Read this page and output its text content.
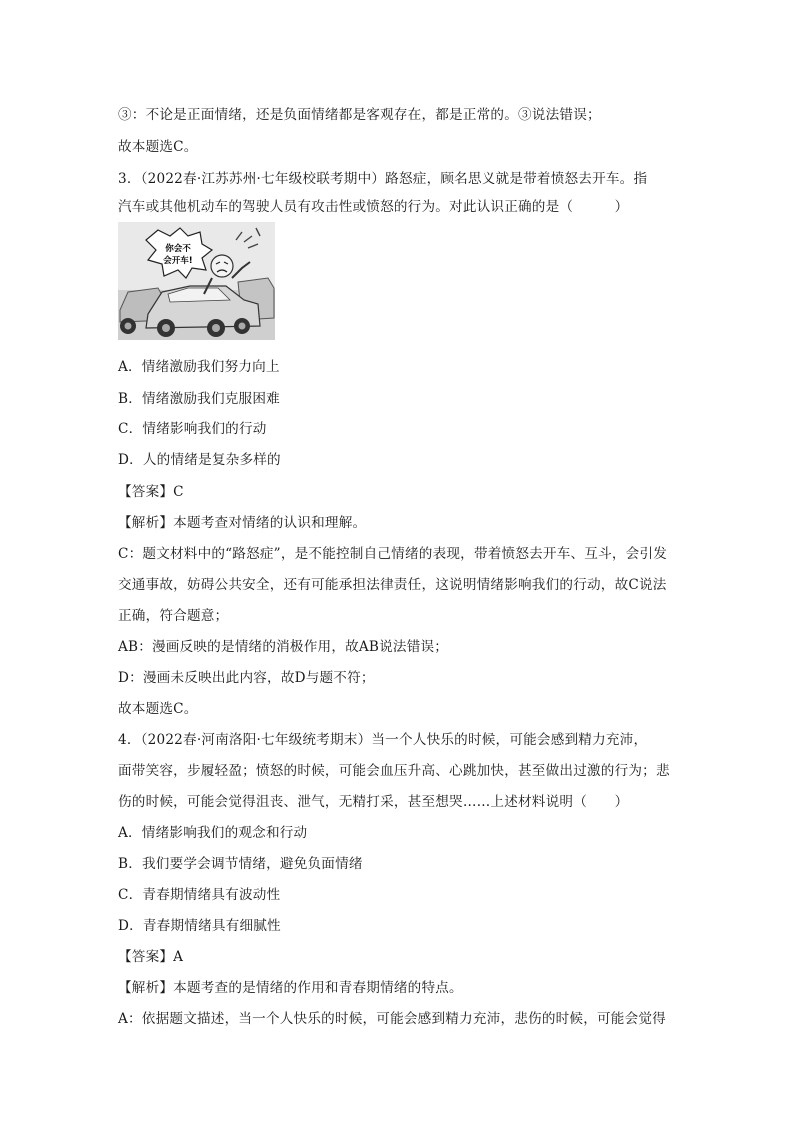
③：不论是正面情绪，还是负面情绪都是客观存在，都是正常的。③说法错误；
故本题选C。
3．（2022春·江苏苏州·七年级校联考期中）路怒症，顾名思义就是带着愤怒去开车。指
汽车或其他机动车的驾驶人员有攻击性或愤怒的行为。对此认识正确的是（　　　）
你会不
会开车!
A．情绪激励我们努力向上
B．情绪激励我们克服困难
C．情绪影响我们的行动
D．人的情绪是复杂多样的
【答案】C
【解析】本题考查对情绪的认识和理解。
C：题文材料中的“路怒症”，是不能控制自己情绪的表现，带着愤怒去开车、互斗，会引发
交通事故，妨碍公共安全，还有可能承担法律责任，这说明情绪影响我们的行动，故C说法
正确，符合题意；
AB：漫画反映的是情绪的消极作用，故AB说法错误；
D：漫画未反映出此内容，故D与题不符；
故本题选C。
4．（2022春·河南洛阳·七年级统考期末）当一个人快乐的时候，可能会感到精力充沛，
面带笑容，步履轻盈；愤怒的时候，可能会血压升高、心跳加快，甚至做出过激的行为；悲
伤的时候，可能会觉得沮丧、泄气，无精打采，甚至想哭……上述材料说明（　　）
A．情绪影响我们的观念和行动
B．我们要学会调节情绪，避免负面情绪
C．青春期情绪具有波动性
D．青春期情绪具有细腻性
【答案】A
【解析】本题考查的是情绪的作用和青春期情绪的特点。
A：依据题文描述，当一个人快乐的时候，可能会感到精力充沛，悲伤的时候，可能会觉得
